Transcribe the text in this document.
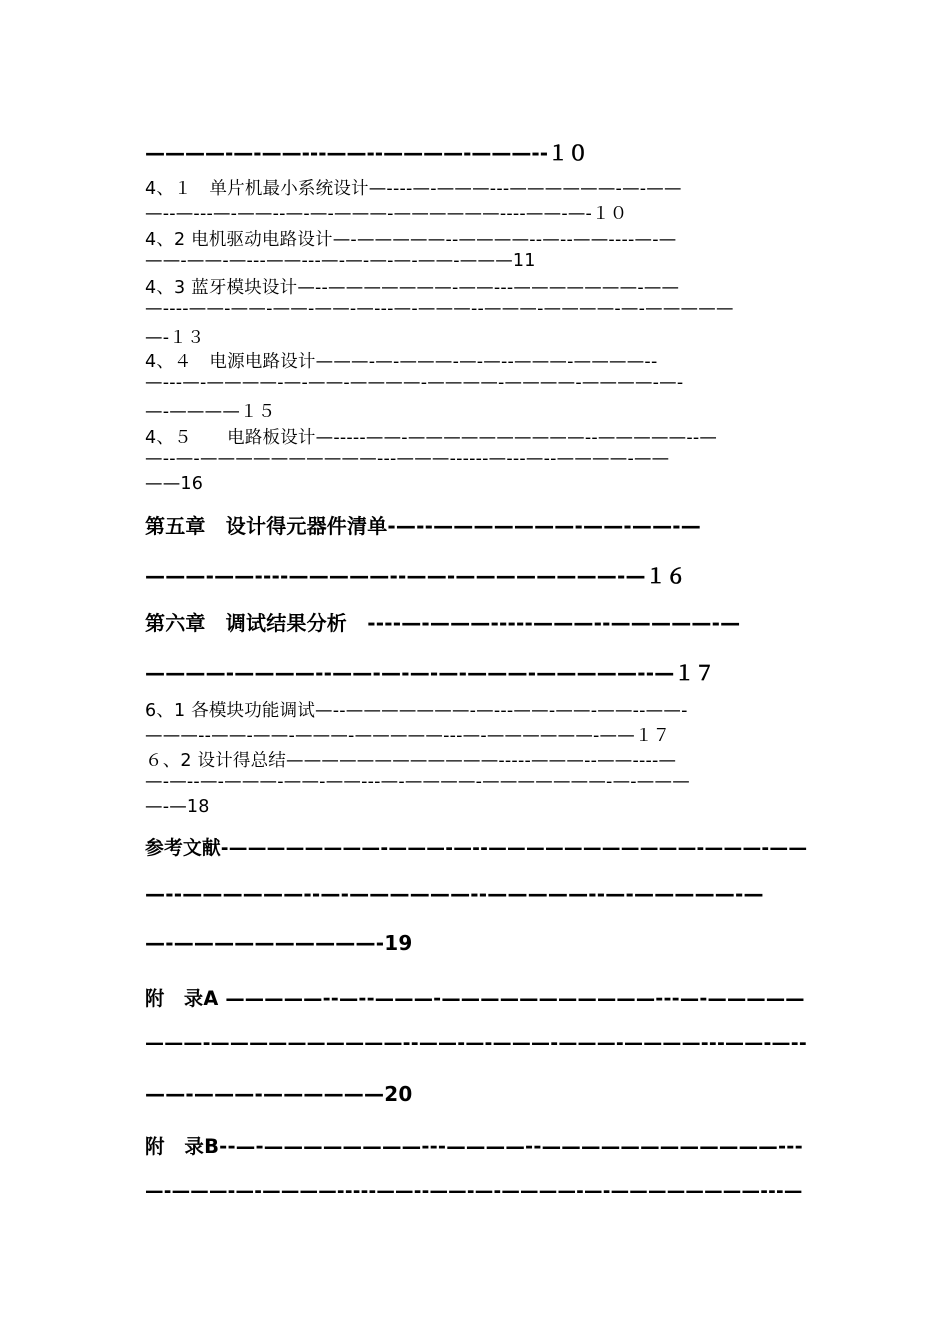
————-—-——---——--————-———--１０
4、１　单片机最小系统设计—----—-———---——————-—-——
—--—---—-——--—-—-———-——————----——-—-１０
4、2 电机驱动电路设计—-—————--————--—--——----—-—
——-——-—---——---—-—-—-—-——-———11
4、3 蓝牙模块设计—--———————-——---———————-——
—----——-——-——-——-—---—-———--———-————-—-—————
—-１３
4、４　电源电路设计———-—-———-—-—--———-————--
—---—-————-—-——-————-————-————-————-—-
—-————１５
4、５　　电路板设计—-----——-——————————--—————--—
—--—-——————————---———------—---—--————-——
——16
第五章　设计得元器件清单-—--———————-——-——-—
———-——----—————--——-————————-—１６
第六章　调试结果分析　----—-———-----———--—————-—
————-————--——-—-—-—-———-—————--—１７
6、1 各模块功能调试—--———————-—---——-——-——--——-
———--——-——-———-—————---—-——————-——１７
６、2 设计得总结————————————-----———--——----—
—-—--—-———-——-——---—-————-———————-—-———
—-—18
参考文献-————————-———-—--———————————-———-——
—--——————--—-——————--—————--—-—————-—
—-——————————-19
附　录A —————--—--———-———————————---—-—————
———-——————————--——-—-———-———-————---——-—--
——-———-——————20
附　录B--—-————————---————--————————————---
—-———-—-————-----——--——-—-————-—-————————---—
